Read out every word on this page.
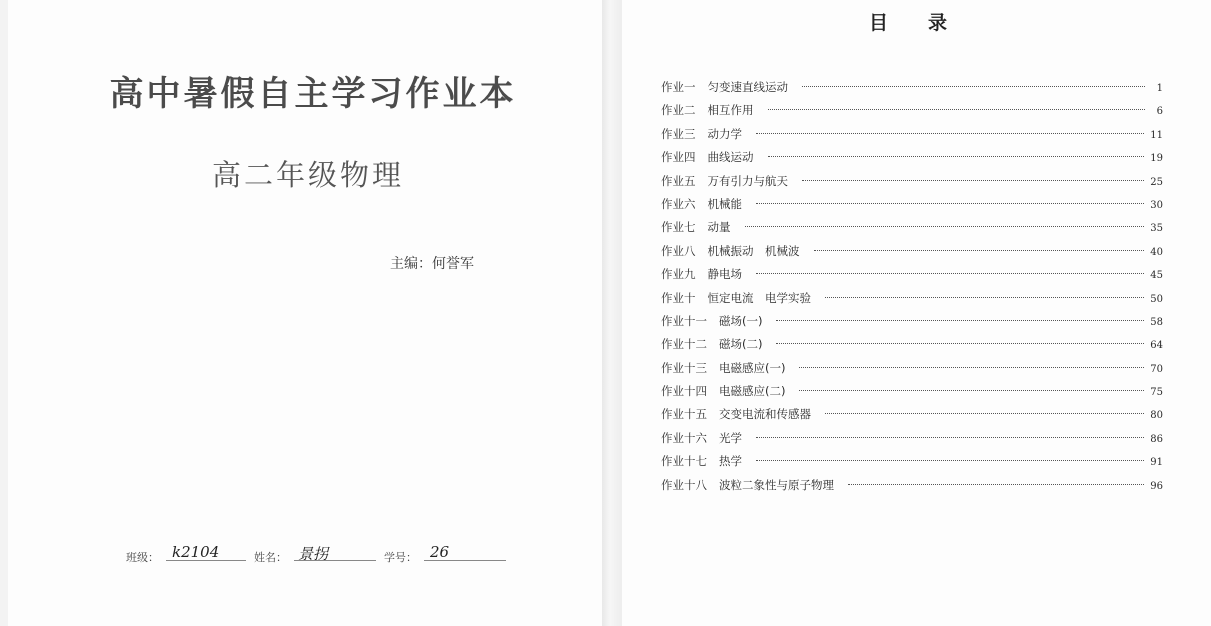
高中暑假自主学习作业本
高二年级物理
主编：何誉军
班级： k2104	姓名： 景拐	学号： 26
目录
作业一 匀变速直线运动	1
作业二 相互作用	6
作业三 动力学	11
作业四 曲线运动	19
作业五 万有引力与航天	25
作业六 机械能	30
作业七 动量	35
作业八 机械振动　机械波	40
作业九 静电场	45
作业十 恒定电流　电学实验	50
作业十一 磁场(一)	58
作业十二 磁场(二)	64
作业十三 电磁感应(一)	70
作业十四 电磁感应(二)	75
作业十五 交变电流和传感器	80
作业十六 光学	86
作业十七 热学	91
作业十八 波粒二象性与原子物理	96
